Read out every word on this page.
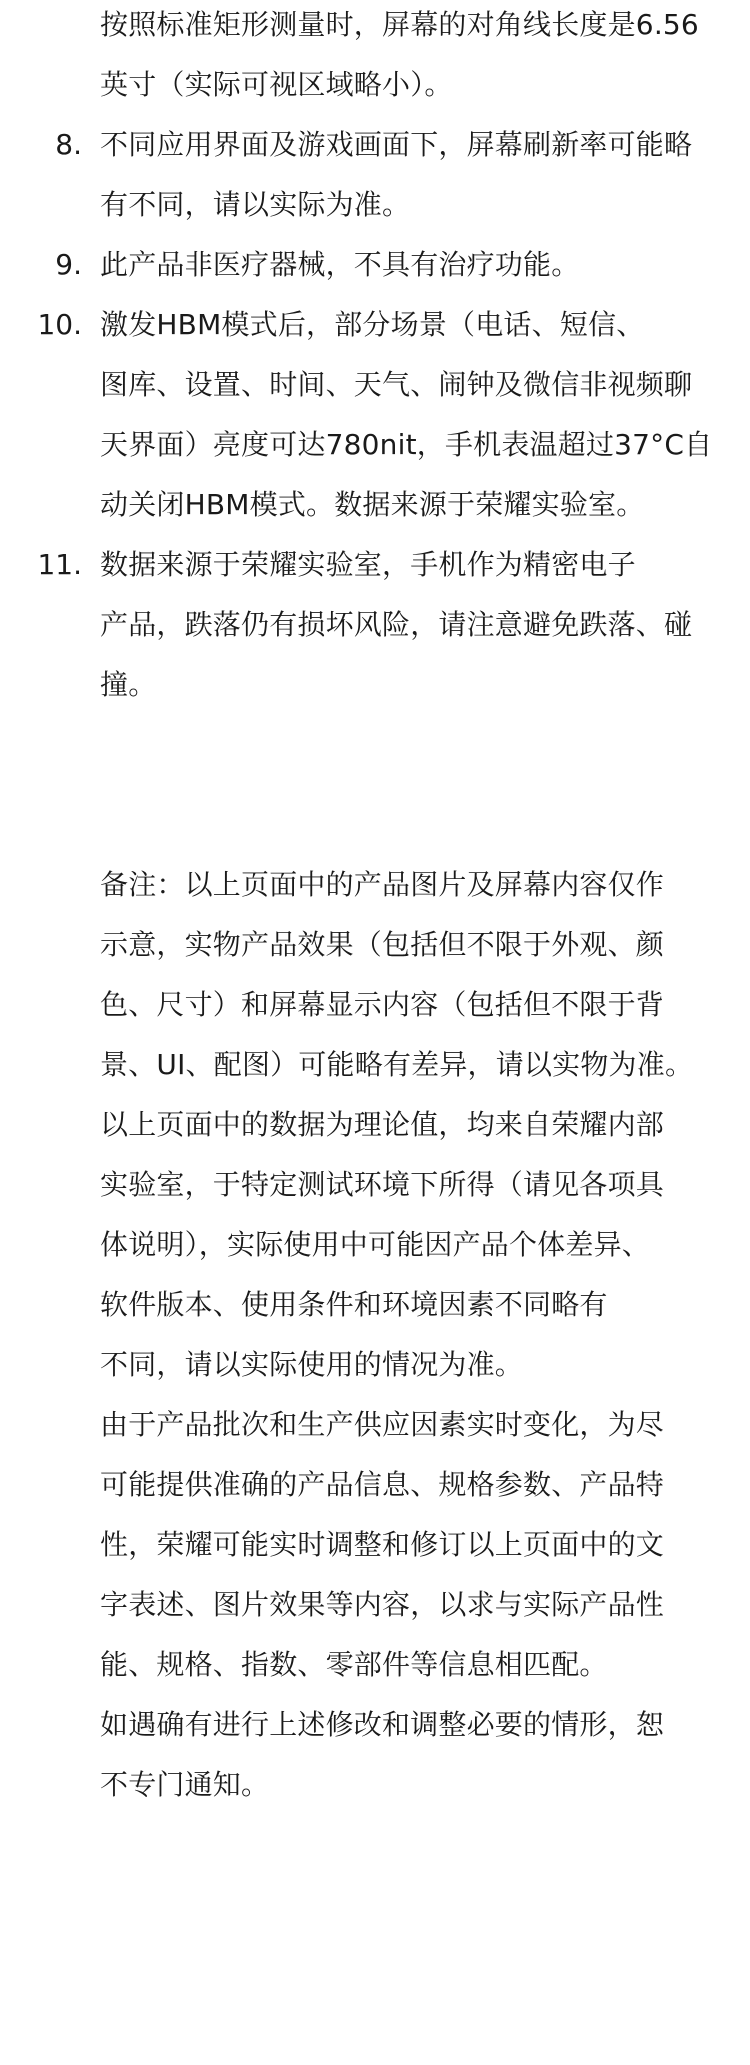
按照标准矩形测量时，屏幕的对角线长度是6.56
英寸（实际可视区域略小）。
8. 不同应用界面及游戏画面下，屏幕刷新率可能略
有不同，请以实际为准。
9. 此产品非医疗器械，不具有治疗功能。
10. 激发HBM模式后，部分场景（电话、短信、
图库、设置、时间、天气、闹钟及微信非视频聊
天界面）亮度可达780nit，手机表温超过37°C自
动关闭HBM模式。数据来源于荣耀实验室。
11. 数据来源于荣耀实验室，手机作为精密电子
产品，跌落仍有损坏风险，请注意避免跌落、碰
撞。
备注：以上页面中的产品图片及屏幕内容仅作
示意，实物产品效果（包括但不限于外观、颜
色、尺寸）和屏幕显示内容（包括但不限于背
景、UI、配图）可能略有差异，请以实物为准。
以上页面中的数据为理论值，均来自荣耀内部
实验室，于特定测试环境下所得（请见各项具
体说明），实际使用中可能因产品个体差异、
软件版本、使用条件和环境因素不同略有
不同，请以实际使用的情况为准。
由于产品批次和生产供应因素实时变化，为尽
可能提供准确的产品信息、规格参数、产品特
性，荣耀可能实时调整和修订以上页面中的文
字表述、图片效果等内容，以求与实际产品性
能、规格、指数、零部件等信息相匹配。
如遇确有进行上述修改和调整必要的情形，恕
不专门通知。
